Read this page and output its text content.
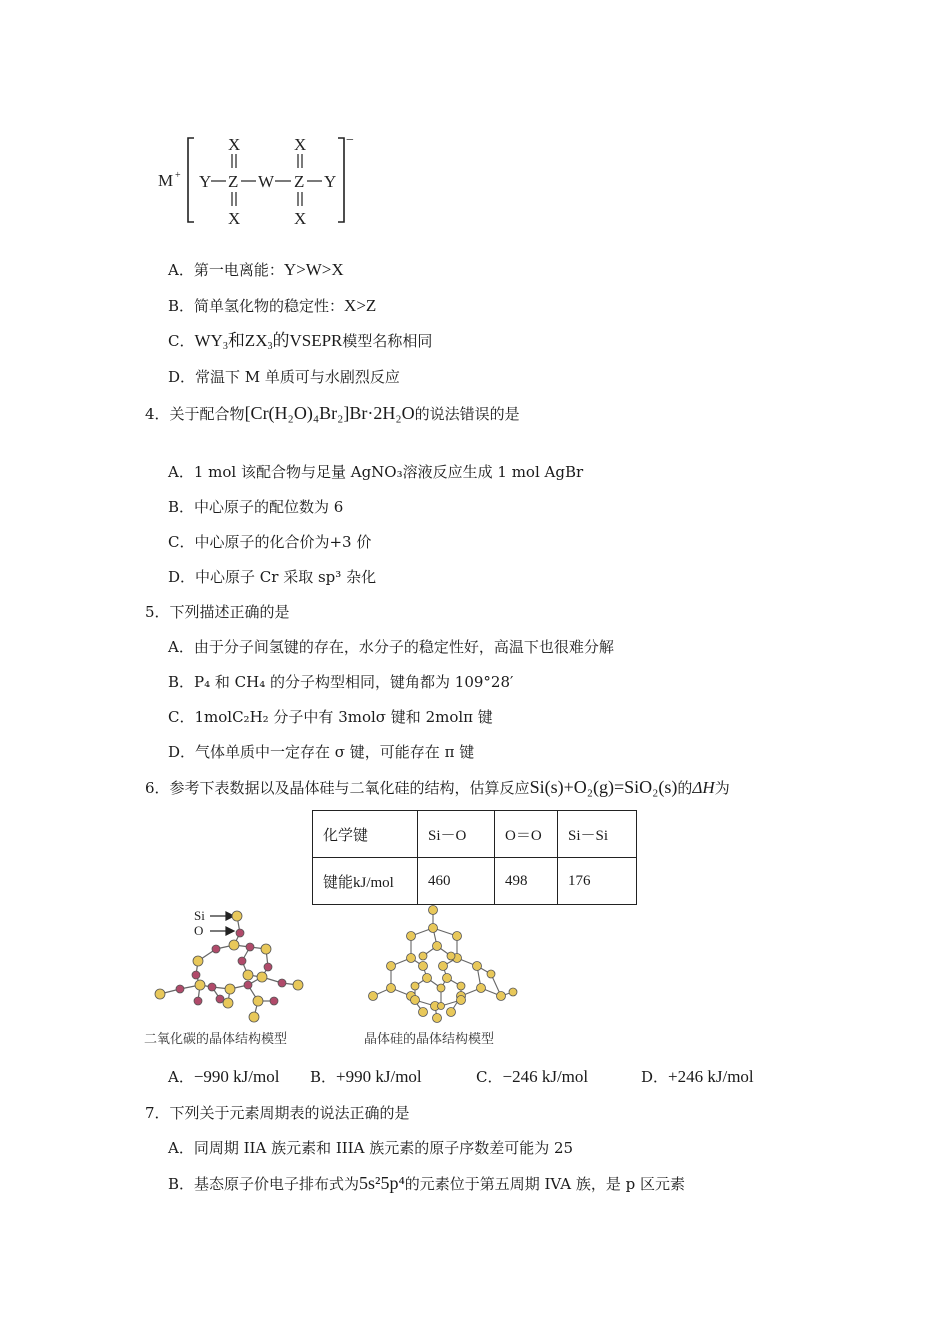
M +
−
X
X
X
X
Y Z W Z Y
A．第一电离能：Y>W>X
B．简单氢化物的稳定性：X>Z
C．$WY_3$和$ZX_3$的VSEPR模型名称相同
D．常温下 M 单质可与水剧烈反应
4．关于配合物[Cr(H₂O)₄Br₂]Br·2H₂O的说法错误的是
A．1 mol 该配合物与足量 AgNO₃溶液反应生成 1 mol AgBr
B．中心原子的配位数为 6
C．中心原子的化合价为+3 价
D．中心原子 Cr 采取 sp³ 杂化
5．下列描述正确的是
A．由于分子间氢键的存在，水分子的稳定性好，高温下也很难分解
B．P₄ 和 CH₄ 的分子构型相同，键角都为 109°28′
C．1molC₂H₂ 分子中有 3molσ 键和 2molπ 键
D．气体单质中一定存在 σ 键，可能存在 π 键
6．参考下表数据以及晶体硅与二氧化硅的结构，估算反应Si(s)+O₂(g)=SiO₂(s)的ΔH为
化学键	Si－O	O＝O	Si－Si
键能kJ/mol	460	498	176
Si
O
二氧化碳的晶体结构模型	晶体硅的晶体结构模型
A．−990 kJ/mol B．+990 kJ/mol	C．−246 kJ/mol	D．+246 kJ/mol
7．下列关于元素周期表的说法正确的是
A．同周期 IIA 族元素和 IIIA 族元素的原子序数差可能为 25
B．基态原子价电子排布式为5s²5p⁴的元素位于第五周期 IVA 族，是 p 区元素
